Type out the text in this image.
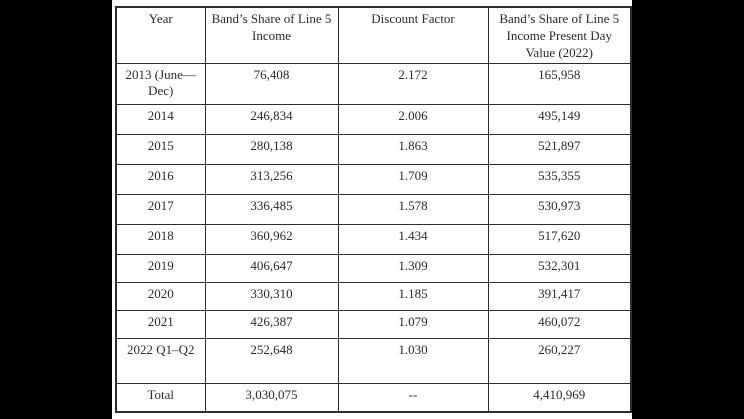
Year	Band’s Share of Line 5 Income	Discount Factor	Band’s Share of Line 5 Income Present Day Value (2022)
2013 (June—Dec)	76,408	2.172	165,958
2014	246,834	2.006	495,149
2015	280,138	1.863	521,897
2016	313,256	1.709	535,355
2017	336,485	1.578	530,973
2018	360,962	1.434	517,620
2019	406,647	1.309	532,301
2020	330,310	1.185	391,417
2021	426,387	1.079	460,072
2022 Q1–Q2	252,648	1.030	260,227
Total	3,030,075	--	4,410,969
